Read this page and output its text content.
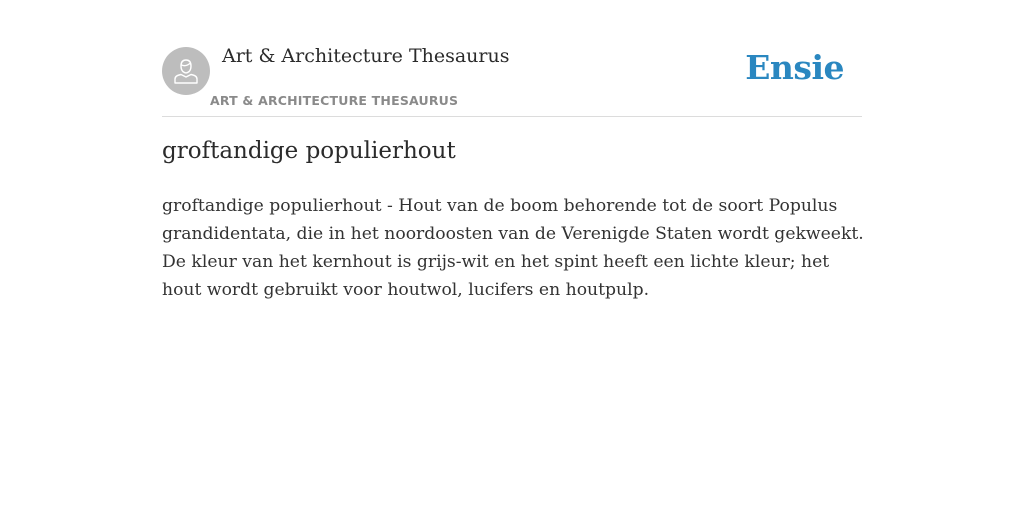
Art & Architecture Thesaurus
ART & ARCHITECTURE THESAURUS
Ensie
groftandige populierhout

groftandige populierhout - Hout van de boom behorende tot de soort Populus grandidentata, die in het noordoosten van de Verenigde Staten wordt gekweekt. De kleur van het kernhout is grijs-wit en het spint heeft een lichte kleur; het hout wordt gebruikt voor houtwol, lucifers en houtpulp.
